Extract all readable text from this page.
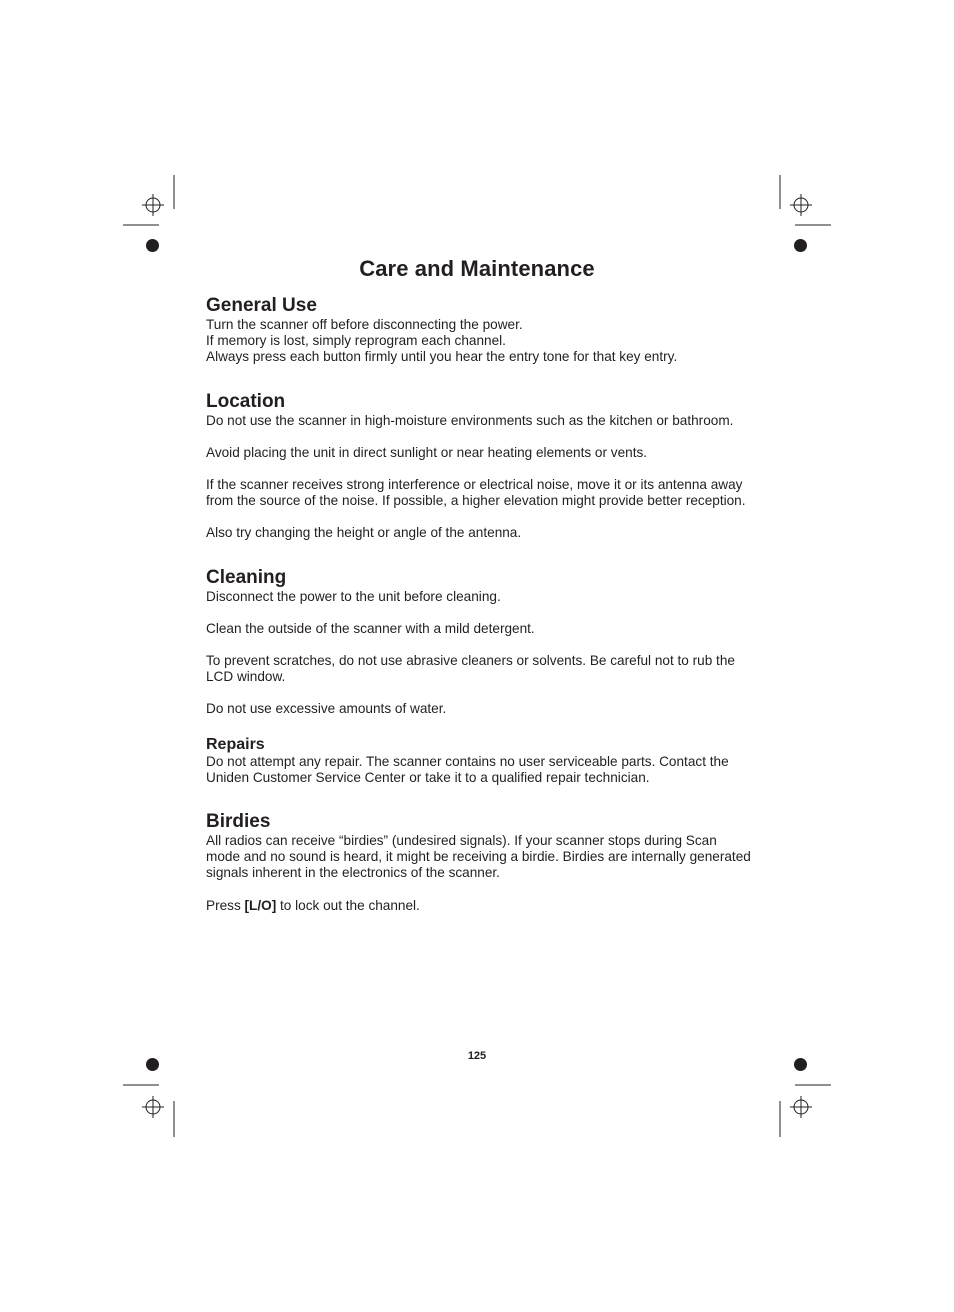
Care and Maintenance
General Use

Turn the scanner off before disconnecting the power.

If memory is lost, simply reprogram each channel.

Always press each button firmly until you hear the entry tone for that key entry.

Location

Do not use the scanner in high-moisture environments such as the kitchen or bathroom.

Avoid placing the unit in direct sunlight or near heating elements or vents.

If the scanner receives strong interference or electrical noise, move it or its antenna away from the source of the noise. If possible, a higher elevation might provide better reception.

Also try changing the height or angle of the antenna.

Cleaning

Disconnect the power to the unit before cleaning.

Clean the outside of the scanner with a mild detergent.

To prevent scratches, do not use abrasive cleaners or solvents. Be careful not to rub the LCD window.

Do not use excessive amounts of water.

Repairs

Do not attempt any repair. The scanner contains no user serviceable parts. Contact the Uniden Customer Service Center or take it to a qualified repair technician.

Birdies

All radios can receive “birdies” (undesired signals). If your scanner stops during Scan mode and no sound is heard, it might be receiving a birdie. Birdies are internally generated signals inherent in the electronics of the scanner.

Press [L/O] to lock out the channel.

125
